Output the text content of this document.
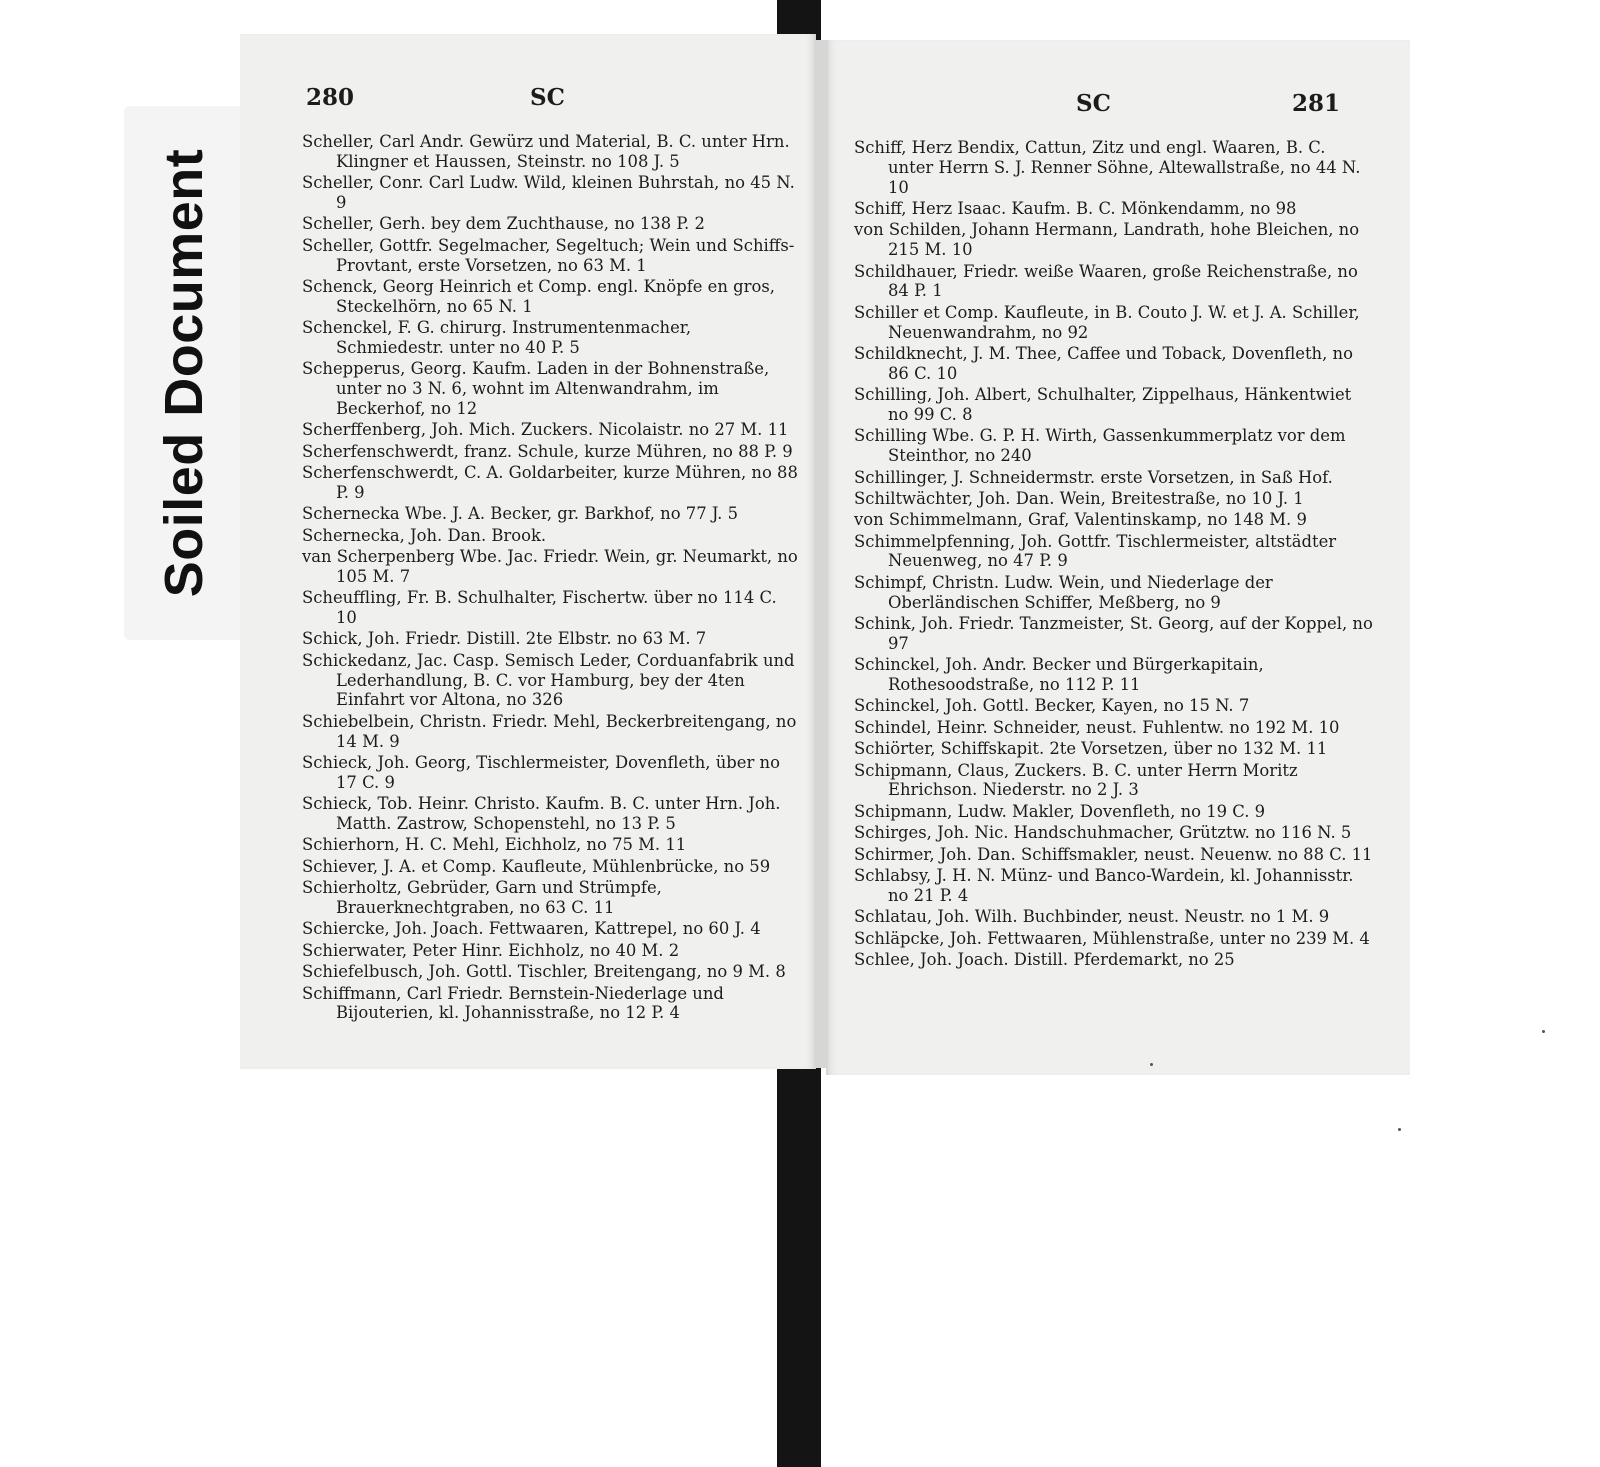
Soiled Document
280	SC
Scheller, Carl Andr. Gewürz und Material, B. C. unter Hrn. Klingner et Haussen, Steinstr. no 108 J. 5
Scheller, Conr. Carl Ludw. Wild, kleinen Buhrstah, no 45 N. 9
Scheller, Gerh. bey dem Zuchthause, no 138 P. 2
Scheller, Gottfr. Segelmacher, Segeltuch; Wein und Schiffs-Provtant, erste Vorsetzen, no 63 M. 1
Schenck, Georg Heinrich et Comp. engl. Knöpfe en gros, Steckelhörn, no 65 N. 1
Schenckel, F. G. chirurg. Instrumentenmacher, Schmiedestr. unter no 40 P. 5
Schepperus, Georg. Kaufm. Laden in der Bohnenstraße, unter no 3 N. 6, wohnt im Altenwandrahm, im Beckerhof, no 12
Scherffenberg, Joh. Mich. Zuckers. Nicolaistr. no 27 M. 11
Scherfenschwerdt, franz. Schule, kurze Mühren, no 88 P. 9
Scherfenschwerdt, C. A. Goldarbeiter, kurze Mühren, no 88 P. 9
Schernecka Wbe. J. A. Becker, gr. Barkhof, no 77 J. 5
Schernecka, Joh. Dan. Brook.
van Scherpenberg Wbe. Jac. Friedr. Wein, gr. Neumarkt, no 105 M. 7
Scheuffling, Fr. B. Schulhalter, Fischertw. über no 114 C. 10
Schick, Joh. Friedr. Distill. 2te Elbstr. no 63 M. 7
Schickedanz, Jac. Casp. Semisch Leder, Corduanfabrik und Lederhandlung, B. C. vor Hamburg, bey der 4ten Einfahrt vor Altona, no 326
Schiebelbein, Christn. Friedr. Mehl, Beckerbreitengang, no 14 M. 9
Schieck, Joh. Georg, Tischlermeister, Dovenfleth, über no 17 C. 9
Schieck, Tob. Heinr. Christo. Kaufm. B. C. unter Hrn. Joh. Matth. Zastrow, Schopenstehl, no 13 P. 5
Schierhorn, H. C. Mehl, Eichholz, no 75 M. 11
Schiever, J. A. et Comp. Kaufleute, Mühlenbrücke, no 59
Schierholtz, Gebrüder, Garn und Strümpfe, Brauerknechtgraben, no 63 C. 11
Schiercke, Joh. Joach. Fettwaaren, Kattrepel, no 60 J. 4
Schierwater, Peter Hinr. Eichholz, no 40 M. 2
Schiefelbusch, Joh. Gottl. Tischler, Breitengang, no 9 M. 8
Schiffmann, Carl Friedr. Bernstein-Niederlage und Bijouterien, kl. Johannisstraße, no 12 P. 4
SC	281
Schiff, Herz Bendix, Cattun, Zitz und engl. Waaren, B. C. unter Herrn S. J. Renner Söhne, Altewallstraße, no 44 N. 10
Schiff, Herz Isaac. Kaufm. B. C. Mönkendamm, no 98
von Schilden, Johann Hermann, Landrath, hohe Bleichen, no 215 M. 10
Schildhauer, Friedr. weiße Waaren, große Reichenstraße, no 84 P. 1
Schiller et Comp. Kaufleute, in B. Couto J. W. et J. A. Schiller, Neuenwandrahm, no 92
Schildknecht, J. M. Thee, Caffee und Toback, Dovenfleth, no 86 C. 10
Schilling, Joh. Albert, Schulhalter, Zippelhaus, Hänkentwiet no 99 C. 8
Schilling Wbe. G. P. H. Wirth, Gassenkummerplatz vor dem Steinthor, no 240
Schillinger, J. Schneidermstr. erste Vorsetzen, in Saß Hof.
Schiltwächter, Joh. Dan. Wein, Breitestraße, no 10 J. 1
von Schimmelmann, Graf, Valentinskamp, no 148 M. 9
Schimmelpfenning, Joh. Gottfr. Tischlermeister, altstädter Neuenweg, no 47 P. 9
Schimpf, Christn. Ludw. Wein, und Niederlage der Oberländischen Schiffer, Meßberg, no 9
Schink, Joh. Friedr. Tanzmeister, St. Georg, auf der Koppel, no 97
Schinckel, Joh. Andr. Becker und Bürgerkapitain, Rothesoodstraße, no 112 P. 11
Schinckel, Joh. Gottl. Becker, Kayen, no 15 N. 7
Schindel, Heinr. Schneider, neust. Fuhlentw. no 192 M. 10
Schiörter, Schiffskapit. 2te Vorsetzen, über no 132 M. 11
Schipmann, Claus, Zuckers. B. C. unter Herrn Moritz Ehrichson. Niederstr. no 2 J. 3
Schipmann, Ludw. Makler, Dovenfleth, no 19 C. 9
Schirges, Joh. Nic. Handschuhmacher, Grütztw. no 116 N. 5
Schirmer, Joh. Dan. Schiffsmakler, neust. Neuenw. no 88 C. 11
Schlabsy, J. H. N. Münz- und Banco-Wardein, kl. Johannisstr. no 21 P. 4
Schlatau, Joh. Wilh. Buchbinder, neust. Neustr. no 1 M. 9
Schläpcke, Joh. Fettwaaren, Mühlenstraße, unter no 239 M. 4
Schlee, Joh. Joach. Distill. Pferdemarkt, no 25
